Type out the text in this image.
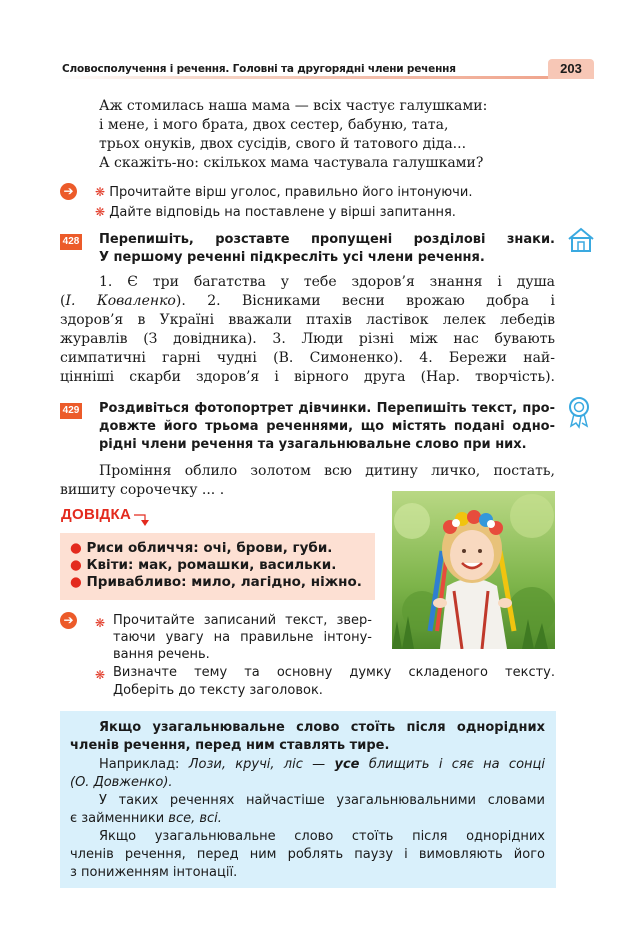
Словосполучення і речення. Головні та другорядні члени речення	203
Аж стомилась наша мама — всіх частує галушками:
і мене, і мого брата, двох сестер, бабуню, тата,
трьох онуків, двох сусідів, свого й татового діда...
А скажіть-но: скількох мама частувала галушками?
➔ ❋ Прочитайте вірш уголос, правильно його інтонуючи.
❋ Дайте відповідь на поставлене у вірші запитання.
428 Перепишіть, розставте пропущені розділові знаки.
У першому реченні підкресліть усі члени речення.
1. Є три багатства у тебе здоров’я знання і душа
(І. Коваленко). 2. Вісниками весни врожаю добра і
здоров’я в Україні вважали птахів ластівок лелек лебедів
журавлів (З довідника). 3. Люди різні між нас бувають
симпатичні гарні чудні (В. Симоненко). 4. Бережи най-
цінніші скарби здоров’я і вірного друга (Нар. творчість).
429 Роздивіться фотопортрет дівчинки. Перепишіть текст, про-
довжте його трьома реченнями, що містять подані одно-
рідні члени речення та узагальнювальне слово при них.
Проміння облило золотом всю дитину личко, постать,
вишиту сорочечку ... .
ДОВІДКА
● Риси обличчя: очі, брови, губи.
● Квіти: мак, ромашки, васильки.
● Привабливо: мило, лагідно, ніжно.
➔ ❋ Прочитайте записаний текст, звер-
таючи увагу на правильне інтону-
вання речень.
❋ Визначте тему та основну думку складеного тексту.
Доберіть до тексту заголовок.
Якщо узагальнювальне слово стоїть після однорідних
членів речення, перед ним ставлять тире.
Наприклад: Лози, кручі, ліс — усе блищить і сяє на сонці
(О. Довженко).
У таких реченнях найчастіше узагальнювальними словами
є займенники все, всі.
Якщо узагальнювальне слово стоїть після однорідних
членів речення, перед ним роблять паузу і вимовляють його
з пониженням інтонації.
